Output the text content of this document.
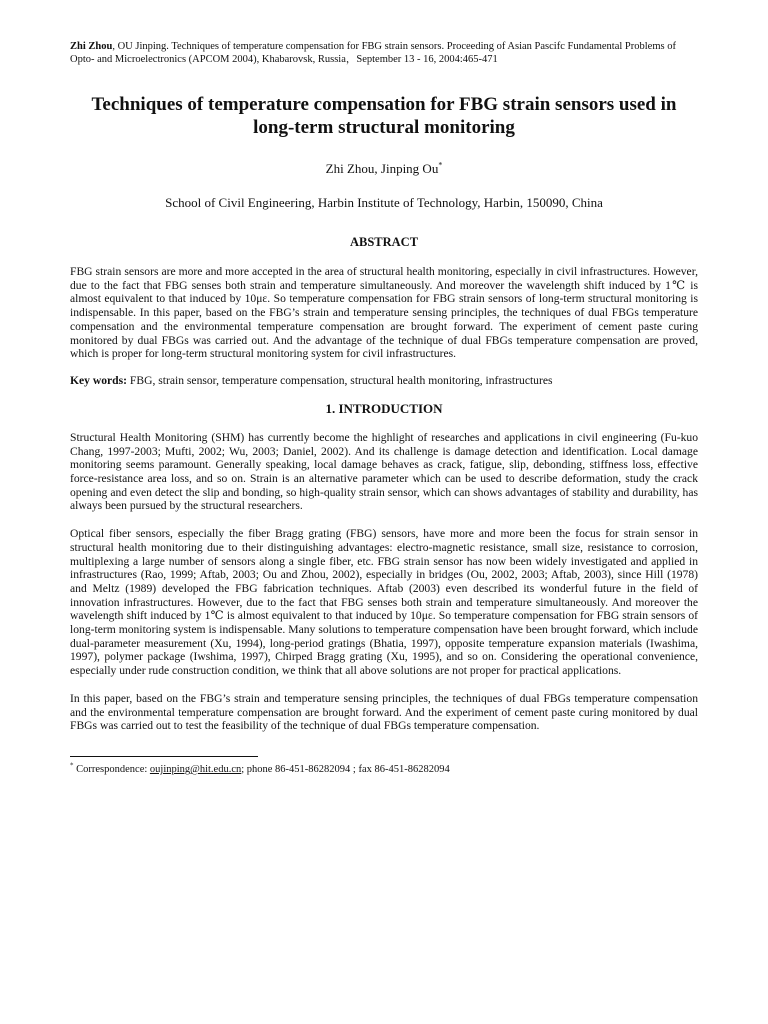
Zhi Zhou, OU Jinping. Techniques of temperature compensation for FBG strain sensors. Proceeding of Asian Pascifc Fundamental Problems of Opto- and Microelectronics (APCOM 2004), Khabarovsk, Russia，September 13 - 16, 2004:465-471

Techniques of temperature compensation for FBG strain sensors used in long-term structural monitoring

Zhi Zhou, Jinping Ou*

School of Civil Engineering, Harbin Institute of Technology, Harbin, 150090, China

ABSTRACT

FBG strain sensors are more and more accepted in the area of structural health monitoring, especially in civil infrastructures. However, due to the fact that FBG senses both strain and temperature simultaneously. And moreover the wavelength shift induced by 1℃ is almost equivalent to that induced by 10με. So temperature compensation for FBG strain sensors of long-term structural monitoring is indispensable. In this paper, based on the FBG’s strain and temperature sensing principles, the techniques of dual FBGs temperature compensation and the environmental temperature compensation are brought forward. The experiment of cement paste curing monitored by dual FBGs was carried out. And the advantage of the technique of dual FBGs temperature compensation are proved, which is proper for long-term structural monitoring system for civil infrastructures.

Key words: FBG, strain sensor, temperature compensation, structural health monitoring, infrastructures

1. INTRODUCTION

Structural Health Monitoring (SHM) has currently become the highlight of researches and applications in civil engineering (Fu-kuo Chang, 1997-2003; Mufti, 2002; Wu, 2003; Daniel, 2002). And its challenge is damage detection and identification. Local damage monitoring seems paramount. Generally speaking, local damage behaves as crack, fatigue, slip, debonding, stiffness loss, effective force-resistance area loss, and so on. Strain is an alternative parameter which can be used to describe deformation, study the crack opening and even detect the slip and bonding, so high-quality strain sensor, which can shows advantages of stability and durability, has always been pursued by the structural researchers.

Optical fiber sensors, especially the fiber Bragg grating (FBG) sensors, have more and more been the focus for strain sensor in structural health monitoring due to their distinguishing advantages: electro-magnetic resistance, small size, resistance to corrosion, multiplexing a large number of sensors along a single fiber, etc. FBG strain sensor has now been widely investigated and applied in infrastructures (Rao, 1999; Aftab, 2003; Ou and Zhou, 2002), especially in bridges (Ou, 2002, 2003; Aftab, 2003), since Hill (1978) and Meltz (1989) developed the FBG fabrication techniques. Aftab (2003) even described its wonderful future in the field of innovation infrastructures. However, due to the fact that FBG senses both strain and temperature simultaneously. And moreover the wavelength shift induced by 1℃ is almost equivalent to that induced by 10με. So temperature compensation for FBG strain sensors of long-term monitoring system is indispensable. Many solutions to temperature compensation have been brought forward, which include dual-parameter measurement (Xu, 1994), long-period gratings (Bhatia, 1997), opposite temperature expansion materials (Iwashima, 1997), polymer package (Iwshima, 1997), Chirped Bragg grating (Xu, 1995), and so on. Considering the operational convenience, especially under rude construction condition, we think that all above solutions are not proper for practical applications.

In this paper, based on the FBG’s strain and temperature sensing principles, the techniques of dual FBGs temperature compensation and the environmental temperature compensation are brought forward. And the experiment of cement paste curing monitored by dual FBGs was carried out to test the feasibility of the technique of dual FBGs temperature compensation.

* Correspondence: oujinping@hit.edu.cn; phone 86-451-86282094 ; fax 86-451-86282094
